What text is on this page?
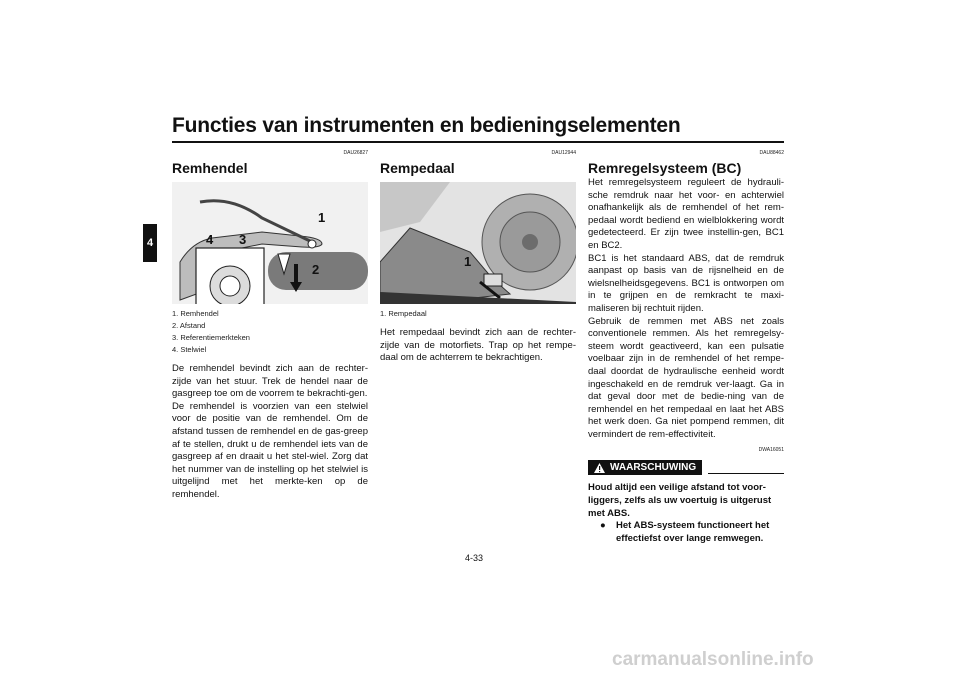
Functies van instrumenten en bedieningselementen
4
DAU26827
Remhendel
1
2
3
4
1. Remhendel
2. Afstand
3. Referentiemerkteken
4. Stelwiel
De remhendel bevindt zich aan de rechter-zijde van het stuur. Trek de hendel naar de gasgreep toe om de voorrem te bekrachti-gen.
De remhendel is voorzien van een stelwiel voor de positie van de remhendel. Om de afstand tussen de remhendel en de gas-greep af te stellen, drukt u de remhendel iets van de gasgreep af en draait u het stel-wiel. Zorg dat het nummer van de instelling op het stelwiel is uitgelijnd met het merkte-ken op de remhendel.
DAU12944
Rempedaal
1
1. Rempedaal
Het rempedaal bevindt zich aan de rechter-zijde van de motorfiets. Trap op het rempe-daal om de achterrem te bekrachtigen.
DAU88462
Remregelsysteem (BC)
Het remregelsysteem reguleert de hydrauli-sche remdruk naar het voor- en achterwiel onafhankelijk als de remhendel of het rem-pedaal wordt bediend en wielblokkering wordt gedetecteerd. Er zijn twee instellin-gen, BC1 en BC2.
BC1 is het standaard ABS, dat de remdruk aanpast op basis van de rijsnelheid en de wielsnelheidsgegevens. BC1 is ontworpen om in te grijpen en de remkracht te maxi-maliseren bij rechtuit rijden.
Gebruik de remmen met ABS net zoals conventionele remmen. Als het remregelsy-steem wordt geactiveerd, kan een pulsatie voelbaar zijn in de remhendel of het rempe-daal doordat de hydraulische eenheid wordt ingeschakeld en de remdruk ver-laagt. Ga in dat geval door met de bedie-ning van de remhendel en het rempedaal en laat het ABS het werk doen. Ga niet pompend remmen, dit vermindert de rem-effectiviteit.
DWA16051
WAARSCHUWING
Houd altijd een veilige afstand tot voor-liggers, zelfs als uw voertuig is uitgerust met ABS.
●	Het ABS-systeem functioneert het effectiefst over lange remwegen.
4-33
carmanualsonline.info
